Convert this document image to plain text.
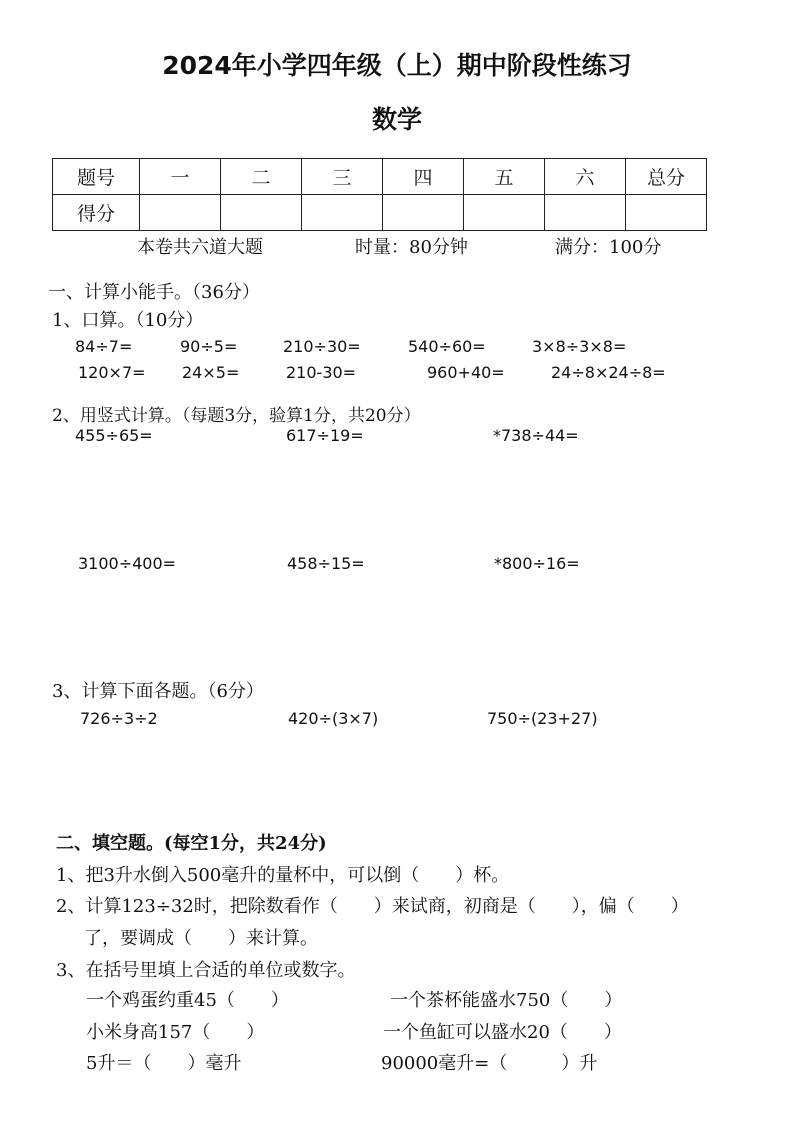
2024年小学四年级（上）期中阶段性练习
数学
题号	一	二	三	四	五	六	总分
得分							
本卷共六道大题	时量：80分钟	满分：100分
一、计算小能手。（36分）
1、口算。（10分）
84÷7=	90÷5=	210÷30=	540÷60=	3×8÷3×8=
120×7= 24×5=	210-30=	960+40=	24÷8×24÷8=
2、用竖式计算。（每题3分，验算1分，共20分）
455÷65=	617÷19=	*738÷44=
3100÷400=	458÷15=	*800÷16=
3、计算下面各题。（6分）
726÷3÷2	420÷(3×7)	750÷(23+27)
二、填空题。(每空1分，共24分)
1、把3升水倒入500毫升的量杯中，可以倒（　　）杯。
2、计算123÷32时，把除数看作（　　）来试商，初商是（　　），偏（　　）
了，要调成（　　）来计算。
3、在括号里填上合适的单位或数字。
一个鸡蛋约重45（　　）	一个茶杯能盛水750（　　）
小米身高157（　　）	一个鱼缸可以盛水20（　　）
5升＝（　　）毫升	90000毫升=（　　　）升
